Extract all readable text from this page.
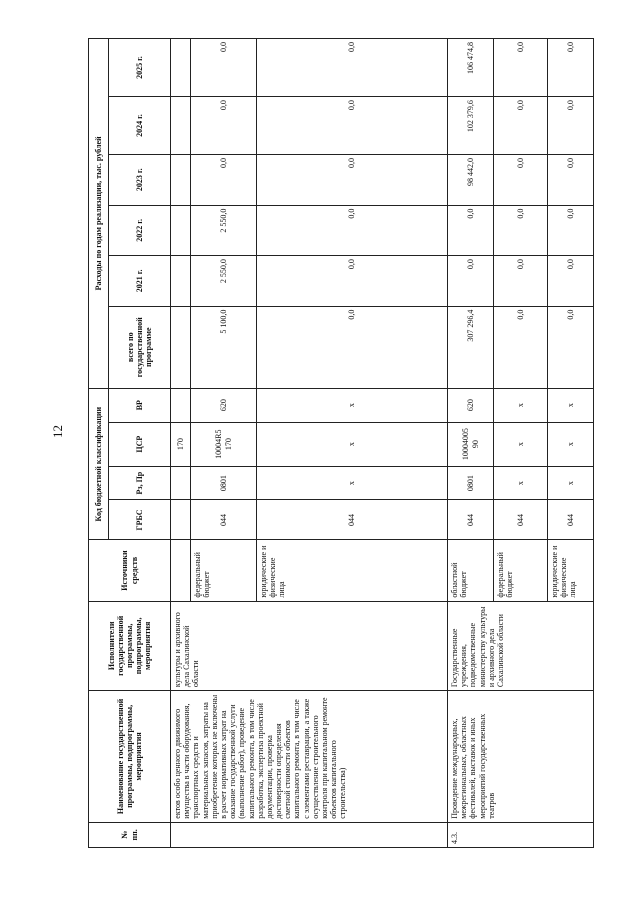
12
№ пп.	Наименование государственной программы, подпрограммы, мероприятия	Исполнители государственной программы, подпрограммы, мероприятия	Источники средств	Код бюджетной классификации				Расходы по годам реализации, тыс. рублей					
				ГРБС	Рз, Пр	ЦСР	ВР	всего по государственной программе	2021 г.	2022 г.	2023 г.	2024 г.	2025 г.
	ектов особо ценного движимого имущества в части оборудования, транспортных средств и материальных запасов, затраты на приобретение которых не включены в расчет нормативных затрат на оказание государственной услуги (выполнение работ), проведение капитального ремонта, в том числе разработка, экспертиза проектной документации, проверка достоверности определения сметной стоимости объектов капитального ремонта, в том числе с элементами реставрации, а также осуществление строительного контроля при капитальном ремонте объектов капитального строительства)	культуры и архивного дела Сахалинской области				170							
			федеральный бюджет	044	0801	10004R5 170	620	5 100,0	2 550,0	2 550,0	0,0	0,0	0,0
			юридические и физические лица	044	х	х	х	0,0	0,0	0,0	0,0	0,0	0,0
4.3.	Проведение международных, межрегиональных, областных фестивалей, выставок и иных мероприятий государственных театров	Государственные учреждения, подведомственные министерству культуры и архивного дела Сахалинской области	областной бюджет	044	0801	10004005 90	620	307 296,4	0,0	0,0	98 442,0	102 379,6	106 474,8
			федеральный бюджет	044	х	х	х	0,0	0,0	0,0	0,0	0,0	0,0
			юридические и физические лица	044	х	х	х	0,0	0,0	0,0	0,0	0,0	0,0
